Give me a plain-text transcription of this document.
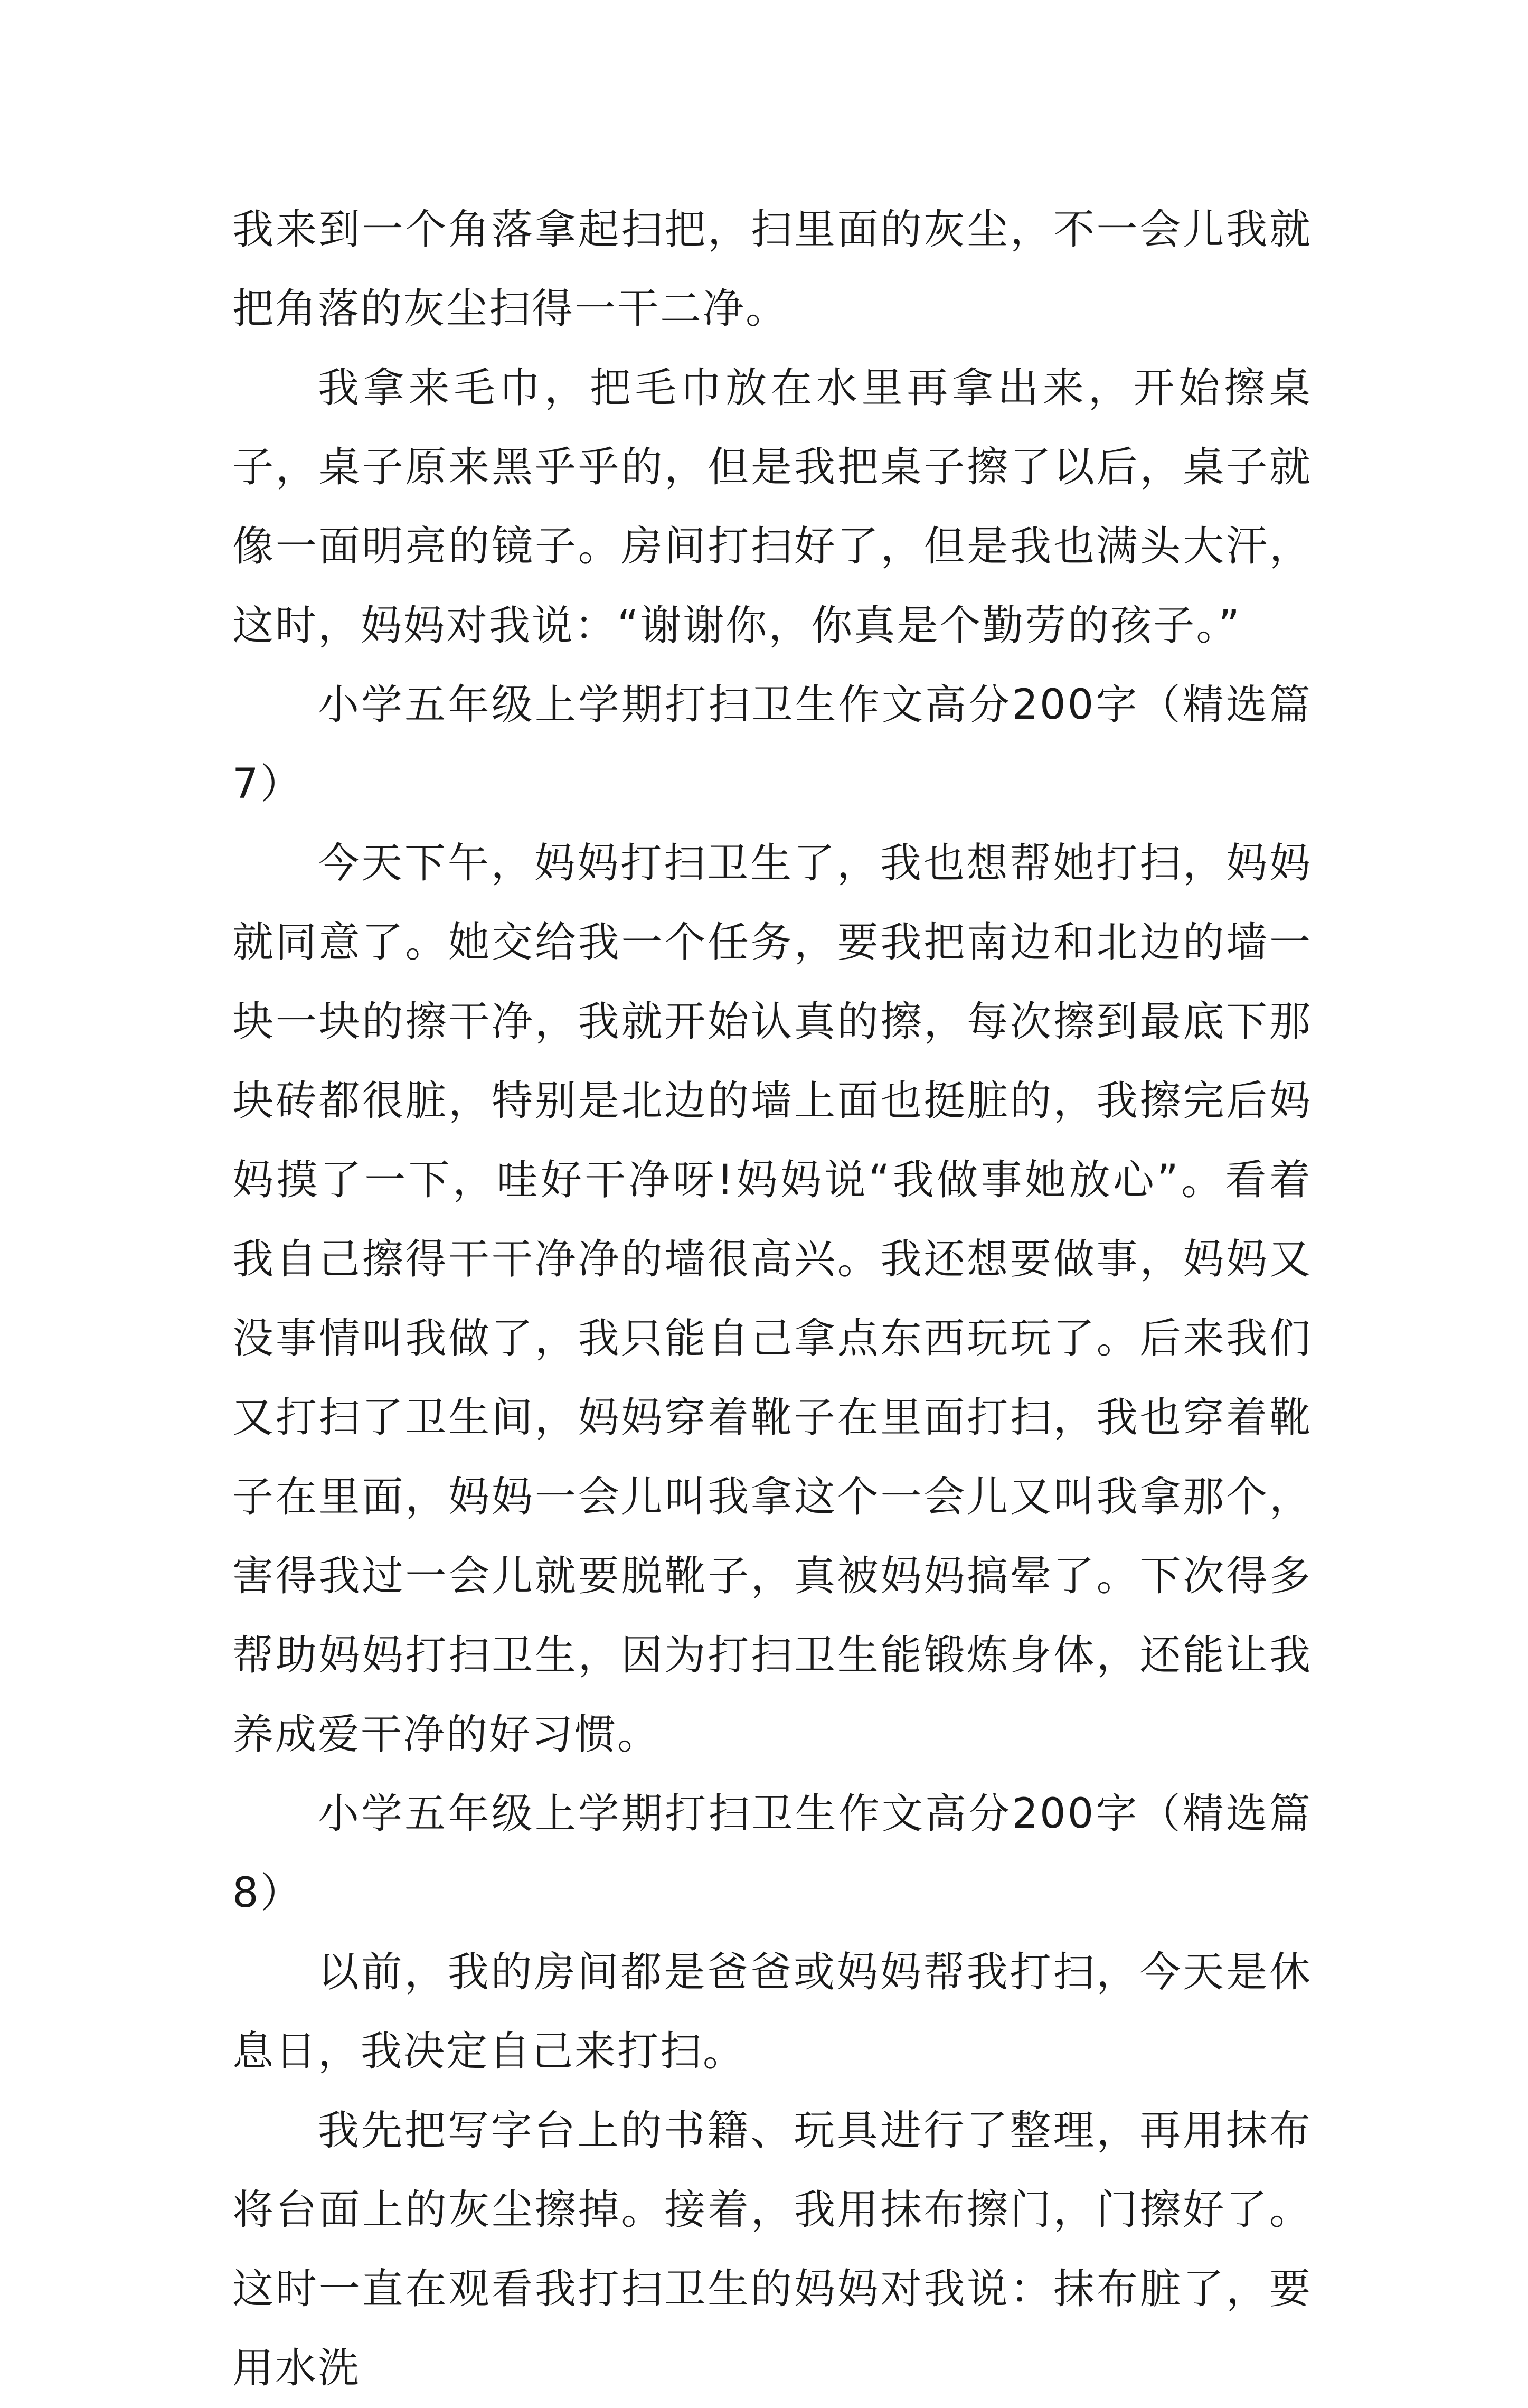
我来到一个角落拿起扫把，扫里面的灰尘，不一会儿我就把角落的灰尘扫得一干二净。

我拿来毛巾，把毛巾放在水里再拿出来，开始擦桌子，桌子原来黑乎乎的，但是我把桌子擦了以后，桌子就像一面明亮的镜子。房间打扫好了，但是我也满头大汗，这时，妈妈对我说：“谢谢你，你真是个勤劳的孩子。”

小学五年级上学期打扫卫生作文高分200字（精选篇7）

今天下午，妈妈打扫卫生了，我也想帮她打扫，妈妈就同意了。她交给我一个任务，要我把南边和北边的墙一块一块的擦干净，我就开始认真的擦，每次擦到最底下那块砖都很脏，特别是北边的墙上面也挺脏的，我擦完后妈妈摸了一下，哇好干净呀!妈妈说“我做事她放心”。看着我自己擦得干干净净的墙很高兴。我还想要做事，妈妈又没事情叫我做了，我只能自己拿点东西玩玩了。后来我们又打扫了卫生间，妈妈穿着靴子在里面打扫，我也穿着靴子在里面，妈妈一会儿叫我拿这个一会儿又叫我拿那个，害得我过一会儿就要脱靴子，真被妈妈搞晕了。下次得多帮助妈妈打扫卫生，因为打扫卫生能锻炼身体，还能让我养成爱干净的好习惯。

小学五年级上学期打扫卫生作文高分200字（精选篇8）

以前，我的房间都是爸爸或妈妈帮我打扫，今天是休息日，我决定自己来打扫。

我先把写字台上的书籍、玩具进行了整理，再用抹布将台面上的灰尘擦掉。接着，我用抹布擦门，门擦好了。这时一直在观看我打扫卫生的妈妈对我说：抹布脏了，要用水洗
